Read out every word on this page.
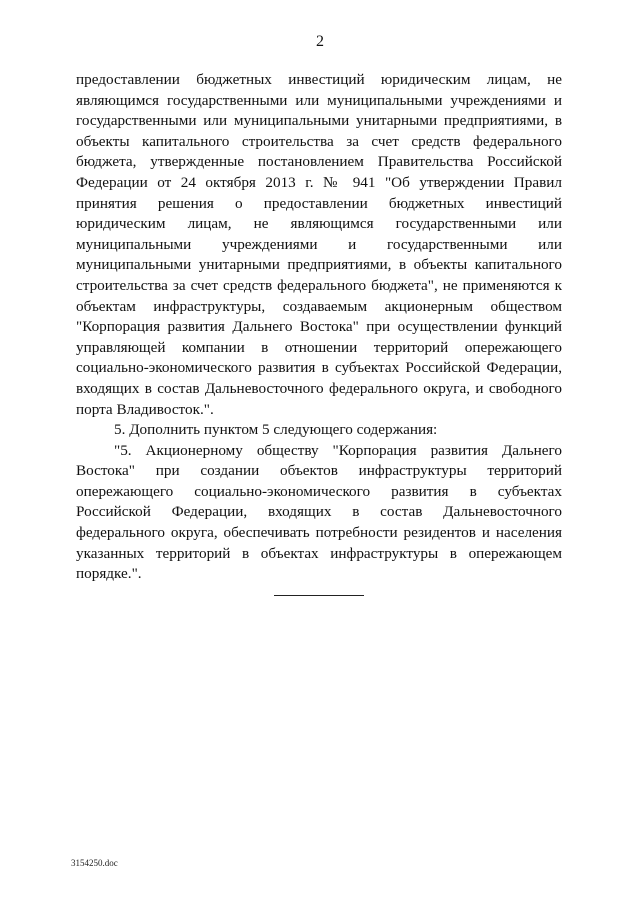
2

предоставлении бюджетных инвестиций юридическим лицам, не являющимся государственными или муниципальными учреждениями и государственными или муниципальными унитарными предприятиями, в объекты капитального строительства за счет средств федерального бюджета, утвержденные постановлением Правительства Российской Федерации от 24 октября 2013 г. № 941 "Об утверждении Правил принятия решения о предоставлении бюджетных инвестиций юридическим лицам, не являющимся государственными или муниципальными учреждениями и государственными или муниципальными унитарными предприятиями, в объекты капитального строительства за счет средств федерального бюджета", не применяются к объектам инфраструктуры, создаваемым акционерным обществом "Корпорация развития Дальнего Востока" при осуществлении функций управляющей компании в отношении территорий опережающего социально-экономического развития в субъектах Российской Федерации, входящих в состав Дальневосточного федерального округа, и свободного порта Владивосток.".

5. Дополнить пунктом 5 следующего содержания:

"5. Акционерному обществу "Корпорация развития Дальнего Востока" при создании объектов инфраструктуры территорий опережающего социально-экономического развития в субъектах Российской Федерации, входящих в состав Дальневосточного федерального округа, обеспечивать потребности резидентов и населения указанных территорий в объектах инфраструктуры в опережающем порядке.".

3154250.doc
